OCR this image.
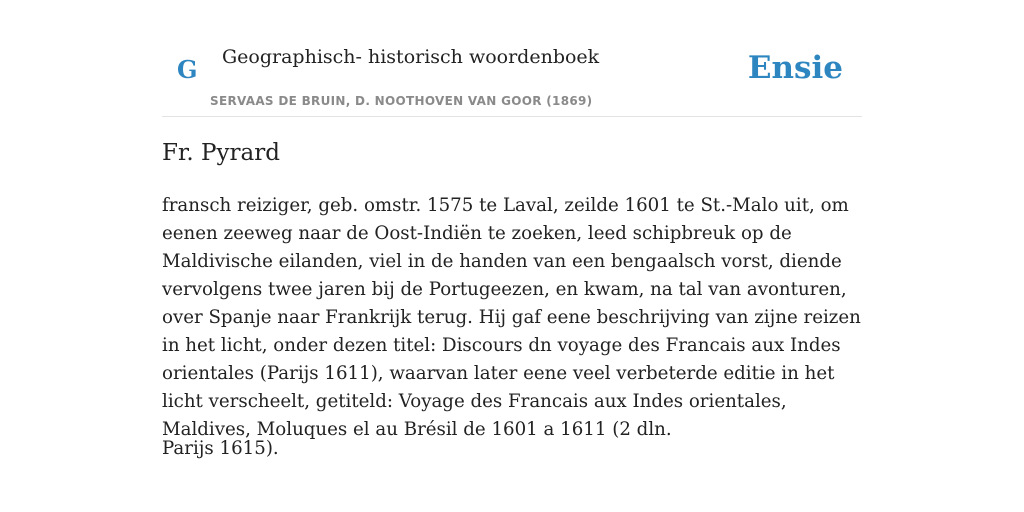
G Geographisch- historisch woordenboek
SERVAAS DE BRUIN, D. NOOTHOVEN VAN GOOR (1869)
Ensie
Fr. Pyrard

fransch reiziger, geb. omstr. 1575 te Laval, zeilde 1601 te St.-Malo uit, om eenen zeeweg naar de Oost-Indiën te zoeken, leed schipbreuk op de Maldivische eilanden, viel in de handen van een bengaalsch vorst, diende vervolgens twee jaren bij de Portugeezen, en kwam, na tal van avonturen, over Spanje naar Frankrijk terug. Hij gaf eene beschrijving van zijne reizen in het licht, onder dezen titel: Discours dn voyage des Francais aux Indes orientales (Parijs 1611), waarvan later eene veel verbeterde editie in het licht verscheelt, getiteld: Voyage des Francais aux Indes orientales, Maldives, Moluques el au Brésil de 1601 a 1611 (2 dln.

Parijs 1615).
